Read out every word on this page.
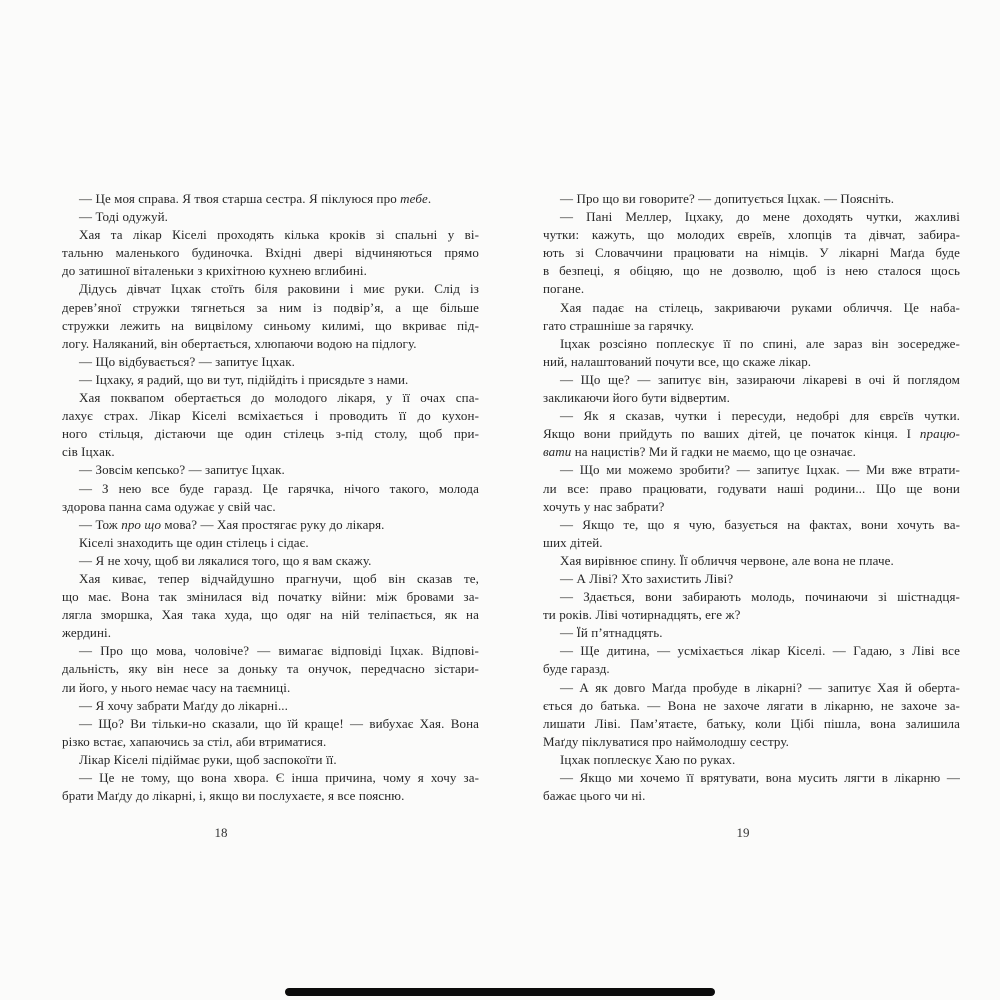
— Це моя справа. Я твоя старша сестра. Я піклуюся про тебе.
— Тоді одужуй.
Хая та лікар Кіселі проходять кілька кроків зі спальні у ві-
тальню маленького будиночка. Вхідні двері відчиняються прямо
до затишної віталеньки з крихітною кухнею вглибині.
Дідусь дівчат Іцхак стоїть біля раковини і миє руки. Слід із
дерев’яної стружки тягнеться за ним із подвір’я, а ще більше
стружки лежить на вицвілому синьому килимі, що вкриває під-
логу. Наляканий, він обертається, хлюпаючи водою на підлогу.
— Що відбувається? — запитує Іцхак.
— Іцхаку, я радий, що ви тут, підійдіть і присядьте з нами.
Хая поквапом обертається до молодого лікаря, у її очах спа-
лахує страх. Лікар Кіселі всміхається і проводить її до кухон-
ного стільця, дістаючи ще один стілець з-під столу, щоб при-
сів Іцхак.
— Зовсім кепсько? — запитує Іцхак.
— З нею все буде гаразд. Це гарячка, нічого такого, молода
здорова панна сама одужає у свій час.
— Тож про що мова? — Хая простягає руку до лікаря.
Кіселі знаходить ще один стілець і сідає.
— Я не хочу, щоб ви лякалися того, що я вам скажу.
Хая киває, тепер відчайдушно прагнучи, щоб він сказав те,
що має. Вона так змінилася від початку війни: між бровами за-
лягла зморшка, Хая така худа, що одяг на ній теліпається, як на
жердині.
— Про що мова, чоловіче? — вимагає відповіді Іцхак. Відпові-
дальність, яку він несе за доньку та онучок, передчасно зістари-
ли його, у нього немає часу на таємниці.
— Я хочу забрати Маґду до лікарні...
— Що? Ви тільки-но сказали, що їй краще! — вибухає Хая. Вона
різко встає, хапаючись за стіл, аби втриматися.
Лікар Кіселі підіймає руки, щоб заспокоїти її.
— Це не тому, що вона хвора. Є інша причина, чому я хочу за-
брати Маґду до лікарні, і, якщо ви послухаєте, я все поясню.
— Про що ви говорите? — допитується Іцхак. — Поясніть.
— Пані Меллер, Іцхаку, до мене доходять чутки, жахливі
чутки: кажуть, що молодих євреїв, хлопців та дівчат, забира-
ють зі Словаччини працювати на німців. У лікарні Маґда буде
в безпеці, я обіцяю, що не дозволю, щоб із нею сталося щось
погане.
Хая падає на стілець, закриваючи руками обличчя. Це наба-
гато страшніше за гарячку.
Іцхак розсіяно поплескує її по спині, але зараз він зосередже-
ний, налаштований почути все, що скаже лікар.
— Що ще? — запитує він, зазираючи лікареві в очі й поглядом
закликаючи його бути відвертим.
— Як я сказав, чутки і пересуди, недобрі для єврєїв чутки.
Якщо вони прийдуть по ваших дітей, це початок кінця. І працю-
вати на нацистів? Ми й гадки не маємо, що це означає.
— Що ми можемо зробити? — запитує Іцхак. — Ми вже втрати-
ли все: право працювати, годувати наші родини... Що ще вони
хочуть у нас забрати?
— Якщо те, що я чую, базується на фактах, вони хочуть ва-
ших дітей.
Хая вирівнює спину. Її обличчя червоне, але вона не плаче.
— А Ліві? Хто захистить Ліві?
— Здається, вони забирають молодь, починаючи зі шістнадця-
ти років. Ліві чотирнадцять, еге ж?
— Їй п’ятнадцять.
— Ще дитина, — усміхається лікар Кіселі. — Гадаю, з Ліві все
буде гаразд.
— А як довго Маґда пробуде в лікарні? — запитує Хая й оберта-
ється до батька. — Вона не захоче лягати в лікарню, не захоче за-
лишати Ліві. Пам’ятаєте, батьку, коли Цібі пішла, вона залишила
Маґду піклуватися про наймолодшу сестру.
Іцхак поплескує Хаю по руках.
— Якщо ми хочемо її врятувати, вона мусить лягти в лікарню —
бажає цього чи ні.
18	19
